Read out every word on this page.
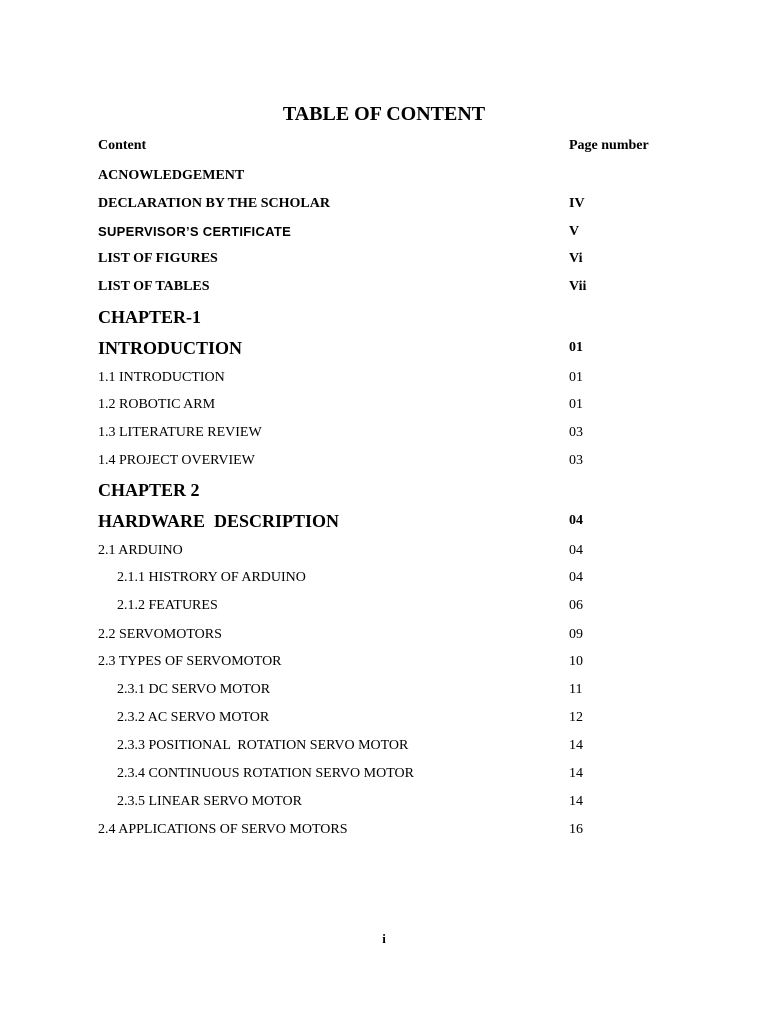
TABLE OF CONTENT
Content	Page number
ACNOWLEDGEMENT
DECLARATION BY THE SCHOLAR	IV
SUPERVISOR’S CERTIFICATE	V
LIST OF FIGURES	Vi
LIST OF TABLES	Vii
CHAPTER-1
INTRODUCTION	01
1.1 INTRODUCTION	01
1.2 ROBOTIC ARM	01
1.3 LITERATURE REVIEW	03
1.4 PROJECT OVERVIEW	03
CHAPTER 2
HARDWARE  DESCRIPTION	04
2.1 ARDUINO	04
2.1.1 HISTRORY OF ARDUINO	04
2.1.2 FEATURES	06
2.2 SERVOMOTORS	09
2.3 TYPES OF SERVOMOTOR	10
2.3.1 DC SERVO MOTOR	11
2.3.2 AC SERVO MOTOR	12
2.3.3 POSITIONAL  ROTATION SERVO MOTOR	14
2.3.4 CONTINUOUS ROTATION SERVO MOTOR	14
2.3.5 LINEAR SERVO MOTOR	14
2.4 APPLICATIONS OF SERVO MOTORS	16
i
